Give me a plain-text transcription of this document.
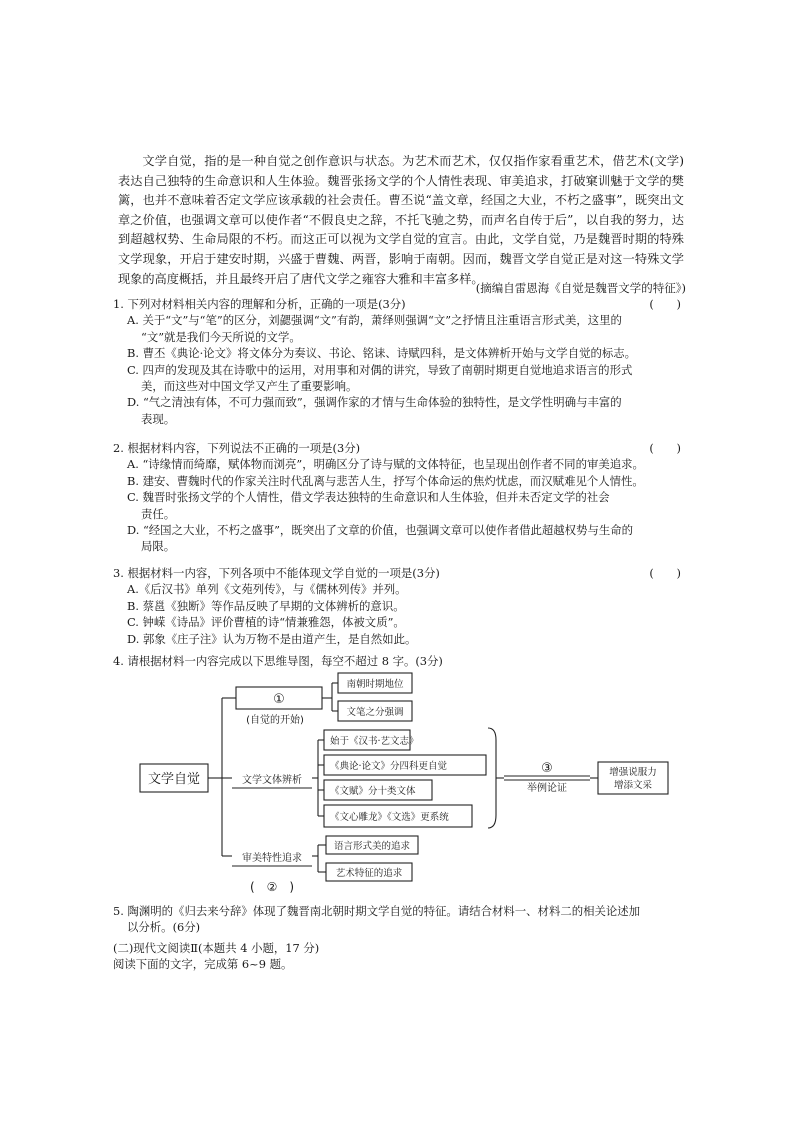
文学自觉，指的是一种自觉之创作意识与状态。为艺术而艺术，仅仅指作家看重艺术，借艺术(文学)表达自己独特的生命意识和人生体验。魏晋张扬文学的个人情性表现、审美追求，打破窠训魅于文学的樊篱，也并不意味着否定文学应该承载的社会责任。曹丕说“盖文章，经国之大业，不朽之盛事”，既突出文章之价值，也强调文章可以使作者“不假良史之辞，不托飞驰之势，而声名自传于后”，以自我的努力，达到超越权势、生命局限的不朽。而这正可以视为文学自觉的宣言。由此，文学自觉，乃是魏晋时期的特殊文学现象，开启于建安时期，兴盛于曹魏、两晋，影响于南朝。因而，魏晋文学自觉正是对这一特殊文学现象的高度概括，并且最终开启了唐代文学之雍容大雅和丰富多样。

(摘编自雷恩海《自觉是魏晋文学的特征》)
1. 下列对材料相关内容的理解和分析，正确的一项是(3分)	(　　)
A. 关于“文”与“笔”的区分，刘勰强调“文”有韵，萧绎则强调“文”之抒情且注重语言形式美，这里的
“文”就是我们今天所说的文学。
B. 曹丕《典论·论文》将文体分为奏议、书论、铭诔、诗赋四科，是文体辨析开始与文学自觉的标志。
C. 四声的发现及其在诗歌中的运用，对用事和对偶的讲究，导致了南朝时期更自觉地追求语言的形式
美，而这些对中国文学又产生了重要影响。
D. “气之清浊有体，不可力强而致”，强调作家的才情与生命体验的独特性，是文学性明确与丰富的
表现。
2. 根据材料内容，下列说法不正确的一项是(3分)	(　　)
A. “诗缘情而绮靡，赋体物而浏亮”，明确区分了诗与赋的文体特征，也呈现出创作者不同的审美追求。
B. 建安、曹魏时代的作家关注时代乱离与悲苦人生，抒写个体命运的焦灼忧虑，而汉赋难见个人情性。
C. 魏晋时张扬文学的个人情性，借文学表达独特的生命意识和人生体验，但并未否定文学的社会
责任。
D. “经国之大业，不朽之盛事”，既突出了文章的价值，也强调文章可以使作者借此超越权势与生命的
局限。
3. 根据材料一内容，下列各项中不能体现文学自觉的一项是(3分)	(　　)
A.《后汉书》单列《文苑列传》，与《儒林列传》并列。
B. 蔡邕《独断》等作品反映了早期的文体辨析的意识。
C. 钟嵘《诗品》评价曹植的诗“情兼雅怨，体被文质”。
D. 郭象《庄子注》认为万物不是由道产生，是自然如此。
4. 请根据材料一内容完成以下思维导图，每空不超过 8 字。(3分)
文学自觉
①
(自觉的开始)
南朝时期地位
文笔之分强调
文学文体辨析
始于《汉书·艺文志》
《典论·论文》分四科更自觉
《文赋》分十类文体
《文心雕龙》《文选》更系统
③
举例论证
增强说服力
增添文采
审美特性追求
语言形式美的追求
艺术特征的追求
(　②　)
5. 陶渊明的《归去来兮辞》体现了魏晋南北朝时期文学自觉的特征。请结合材料一、材料二的相关论述加
以分析。(6分)
(二)现代文阅读Ⅱ(本题共 4 小题，17 分)
阅读下面的文字，完成第 6~9 题。
